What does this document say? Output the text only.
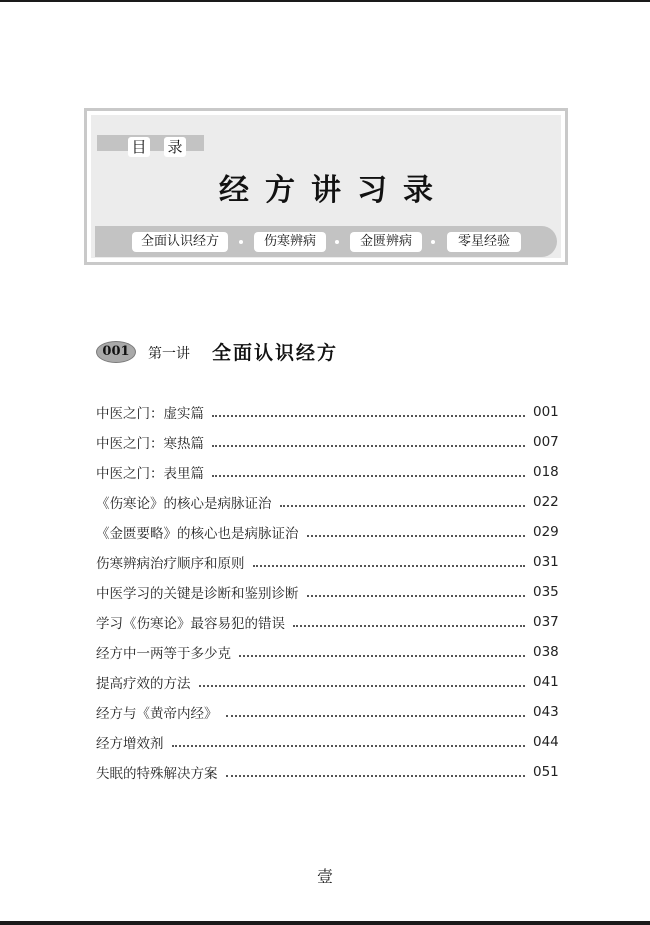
目 录
经方讲习录
全面认识经方	伤寒辨病	金匮辨病	零星经验
001	第一讲 全面认识经方
中医之门：虚实篇	001
中医之门：寒热篇	007
中医之门：表里篇	018
《伤寒论》的核心是病脉证治	022
《金匮要略》的核心也是病脉证治	029
伤寒辨病治疗顺序和原则	031
中医学习的关键是诊断和鉴别诊断	035
学习《伤寒论》最容易犯的错误	037
经方中一两等于多少克	038
提高疗效的方法	041
经方与《黄帝内经》	043
经方增效剂	044
失眠的特殊解决方案	051
壹
